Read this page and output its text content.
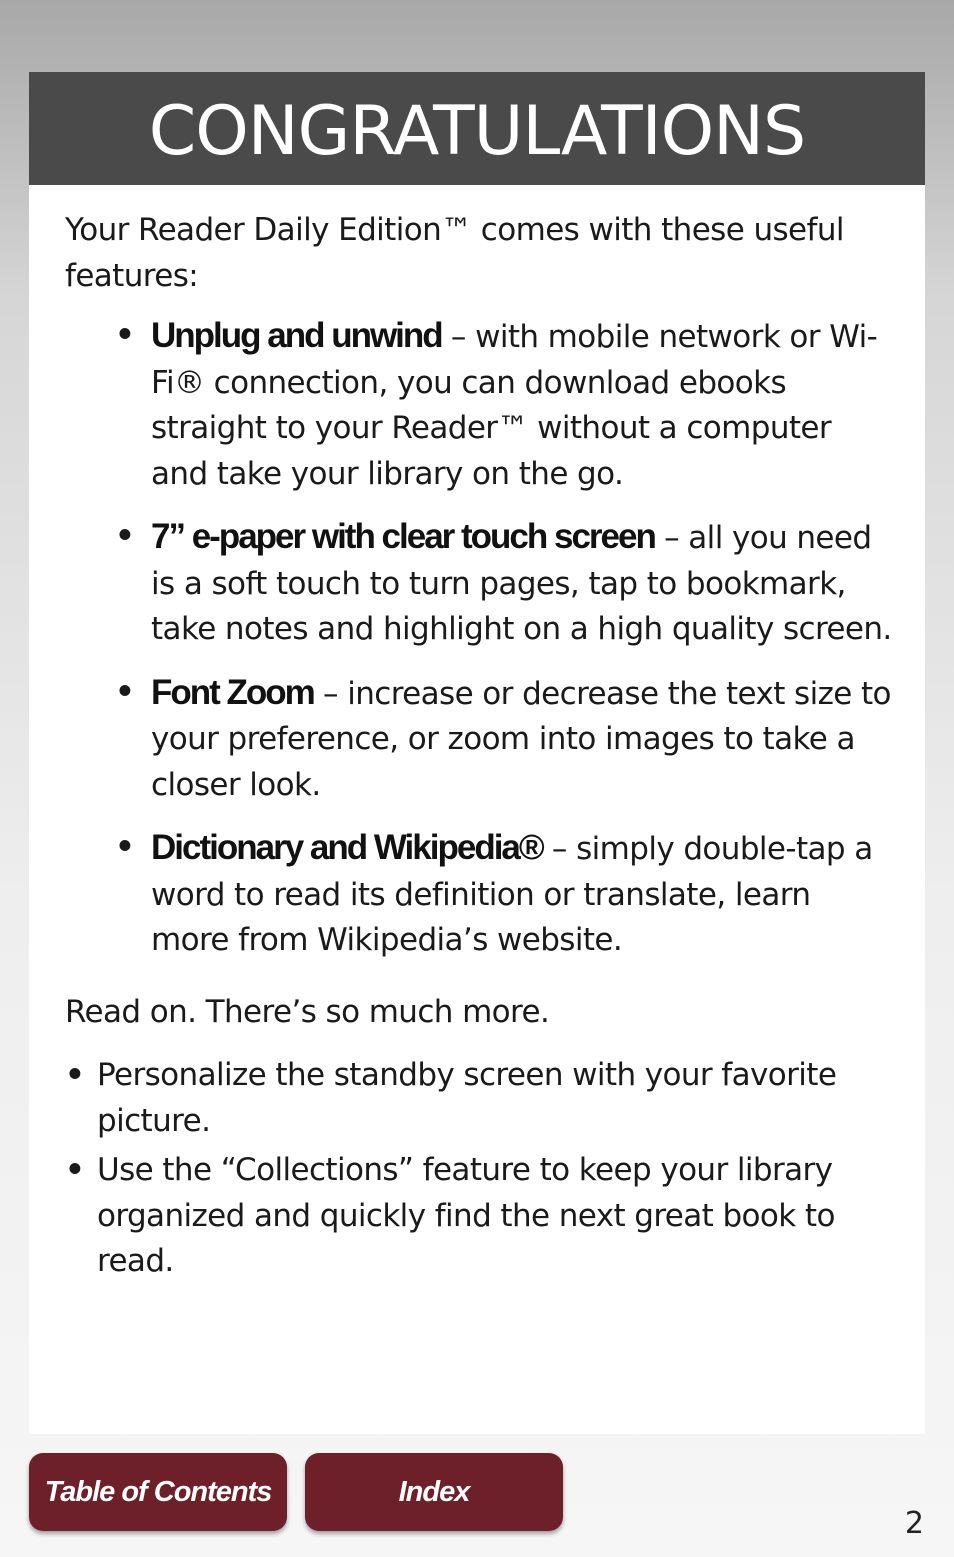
CONGRATULATIONS

Your Reader Daily Edition™ comes with these useful features:

• Unplug and unwind – with mobile network or Wi-Fi® connection, you can download ebooks straight to your Reader™ without a computer and take your library on the go.
• 7” e-paper with clear touch screen – all you need is a soft touch to turn pages, tap to bookmark, take notes and highlight on a high quality screen.
• Font Zoom – increase or decrease the text size to your preference, or zoom into images to take a closer look.
• Dictionary and Wikipedia® – simply double-tap a word to read its definition or translate, learn more from Wikipedia’s website.

Read on. There’s so much more.

• Personalize the standby screen with your favorite picture.
• Use the “Collections” feature to keep your library organized and quickly find the next great book to read.
Table of Contents	Index
2
